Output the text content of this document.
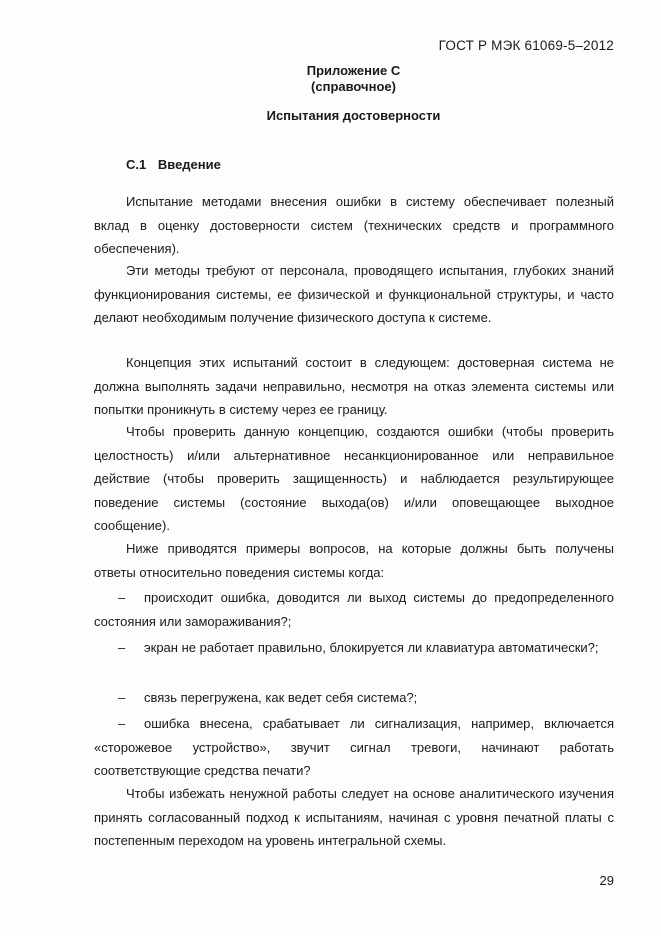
ГОСТ Р МЭК 61069-5–2012
Приложение С
(справочное)
Испытания достоверности
С.1 Введение

Испытание методами внесения ошибки в систему обеспечивает полезный вклад в оценку достоверности систем (технических средств и программного обеспечения).

Эти методы требуют от персонала, проводящего испытания, глубоких знаний функционирования системы, ее физической и функциональной структуры, и часто делают необходимым получение физического доступа к системе.

Концепция этих испытаний состоит в следующем: достоверная система не должна выполнять задачи неправильно, несмотря на отказ элемента системы или попытки проникнуть в систему через ее границу.

Чтобы проверить данную концепцию, создаются ошибки (чтобы проверить целостность) и/или альтернативное несанкционированное или неправильное действие (чтобы проверить защищенность) и наблюдается результирующее поведение системы (состояние выхода(ов) и/или оповещающее выходное сообщение).

Ниже приводятся примеры вопросов, на которые должны быть получены ответы относительно поведения системы когда:

– происходит ошибка, доводится ли выход системы до предопределенного состояния или замораживания?;

– экран не работает правильно, блокируется ли клавиатура автоматически?;

– связь перегружена, как ведет себя система?;

– ошибка внесена, срабатывает ли сигнализация, например, включается «сторожевое устройство», звучит сигнал тревоги, начинают работать соответствующие средства печати?

Чтобы избежать ненужной работы следует на основе аналитического изучения принять согласованный подход к испытаниям, начиная с уровня печатной платы с постепенным переходом на уровень интегральной схемы.

29
